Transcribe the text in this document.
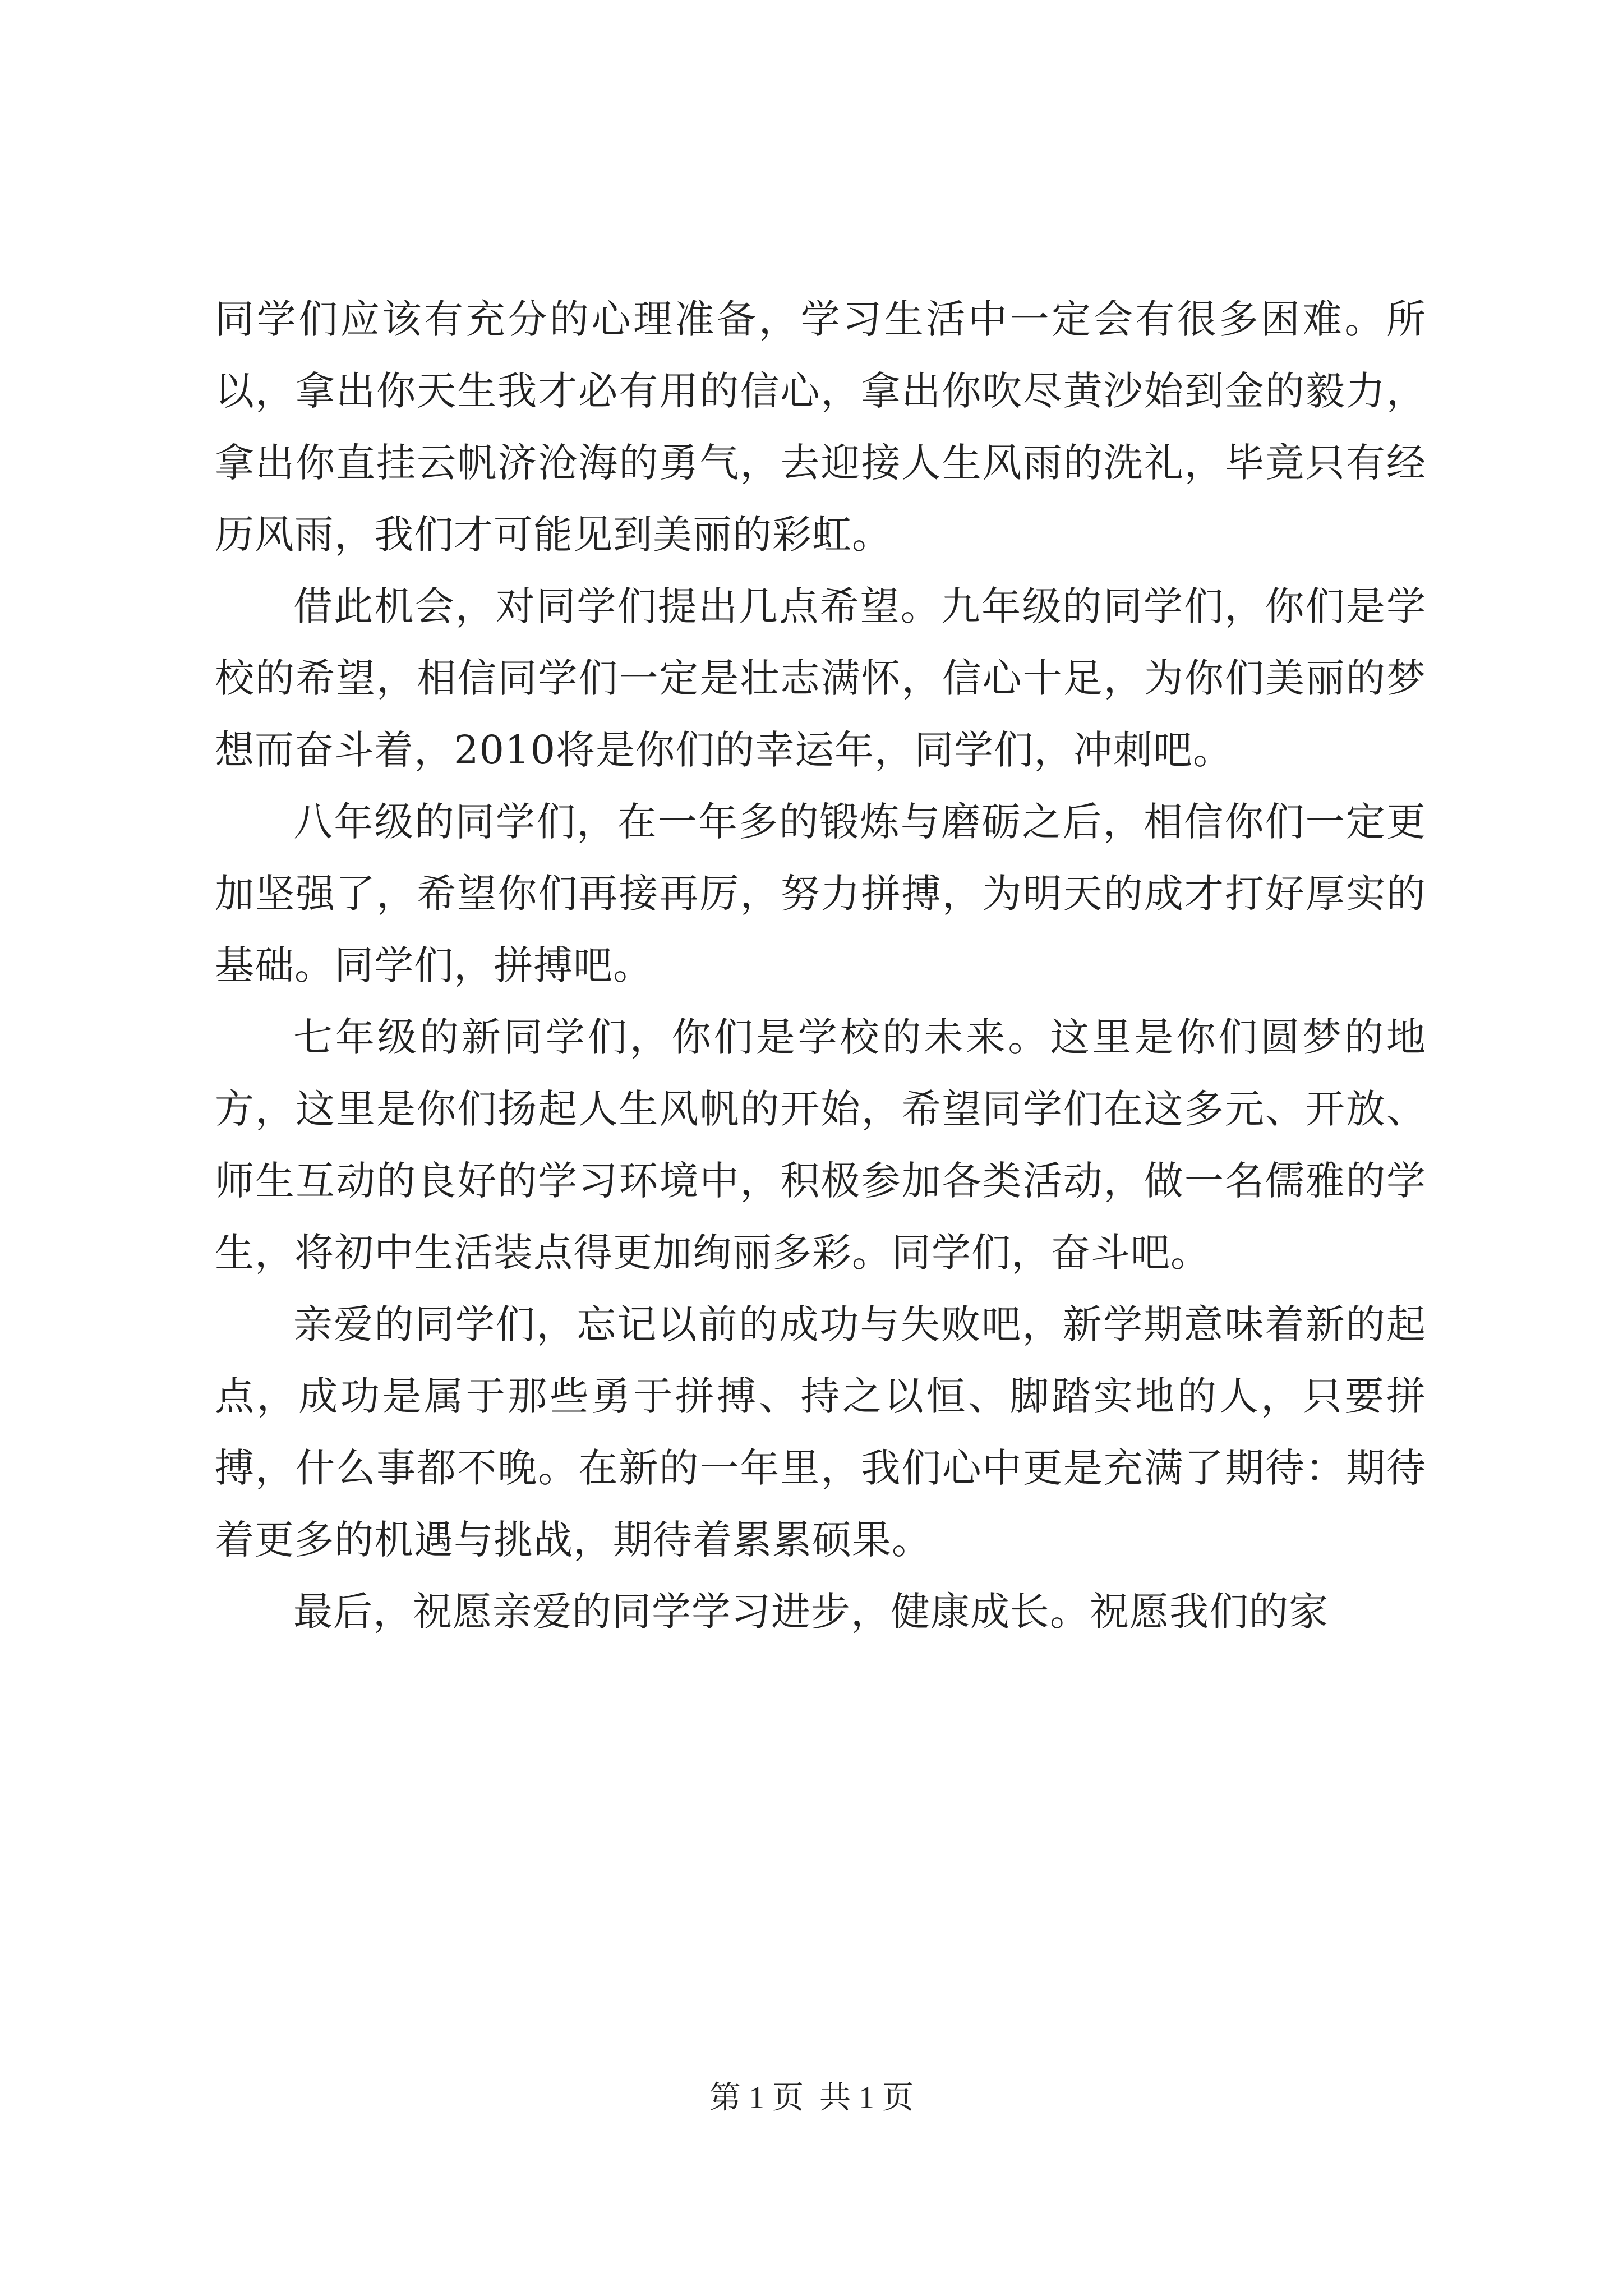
同学们应该有充分的心理准备，学习生活中一定会有很多困难。所以，拿出你天生我才必有用的信心，拿出你吹尽黄沙始到金的毅力，拿出你直挂云帆济沧海的勇气，去迎接人生风雨的洗礼，毕竟只有经历风雨，我们才可能见到美丽的彩虹。

借此机会，对同学们提出几点希望。九年级的同学们，你们是学校的希望，相信同学们一定是壮志满怀，信心十足，为你们美丽的梦想而奋斗着，2010将是你们的幸运年，同学们，冲刺吧。

八年级的同学们，在一年多的锻炼与磨砺之后，相信你们一定更加坚强了，希望你们再接再厉，努力拼搏，为明天的成才打好厚实的基础。同学们，拼搏吧。

七年级的新同学们，你们是学校的未来。这里是你们圆梦的地方，这里是你们扬起人生风帆的开始，希望同学们在这多元、开放、师生互动的良好的学习环境中，积极参加各类活动，做一名儒雅的学生，将初中生活装点得更加绚丽多彩。同学们，奋斗吧。

亲爱的同学们，忘记以前的成功与失败吧，新学期意味着新的起点，成功是属于那些勇于拼搏、持之以恒、脚踏实地的人，只要拼搏，什么事都不晚。在新的一年里，我们心中更是充满了期待：期待着更多的机遇与挑战，期待着累累硕果。

最后，祝愿亲爱的同学学习进步，健康成长。祝愿我们的家

第 1 页  共 1 页
